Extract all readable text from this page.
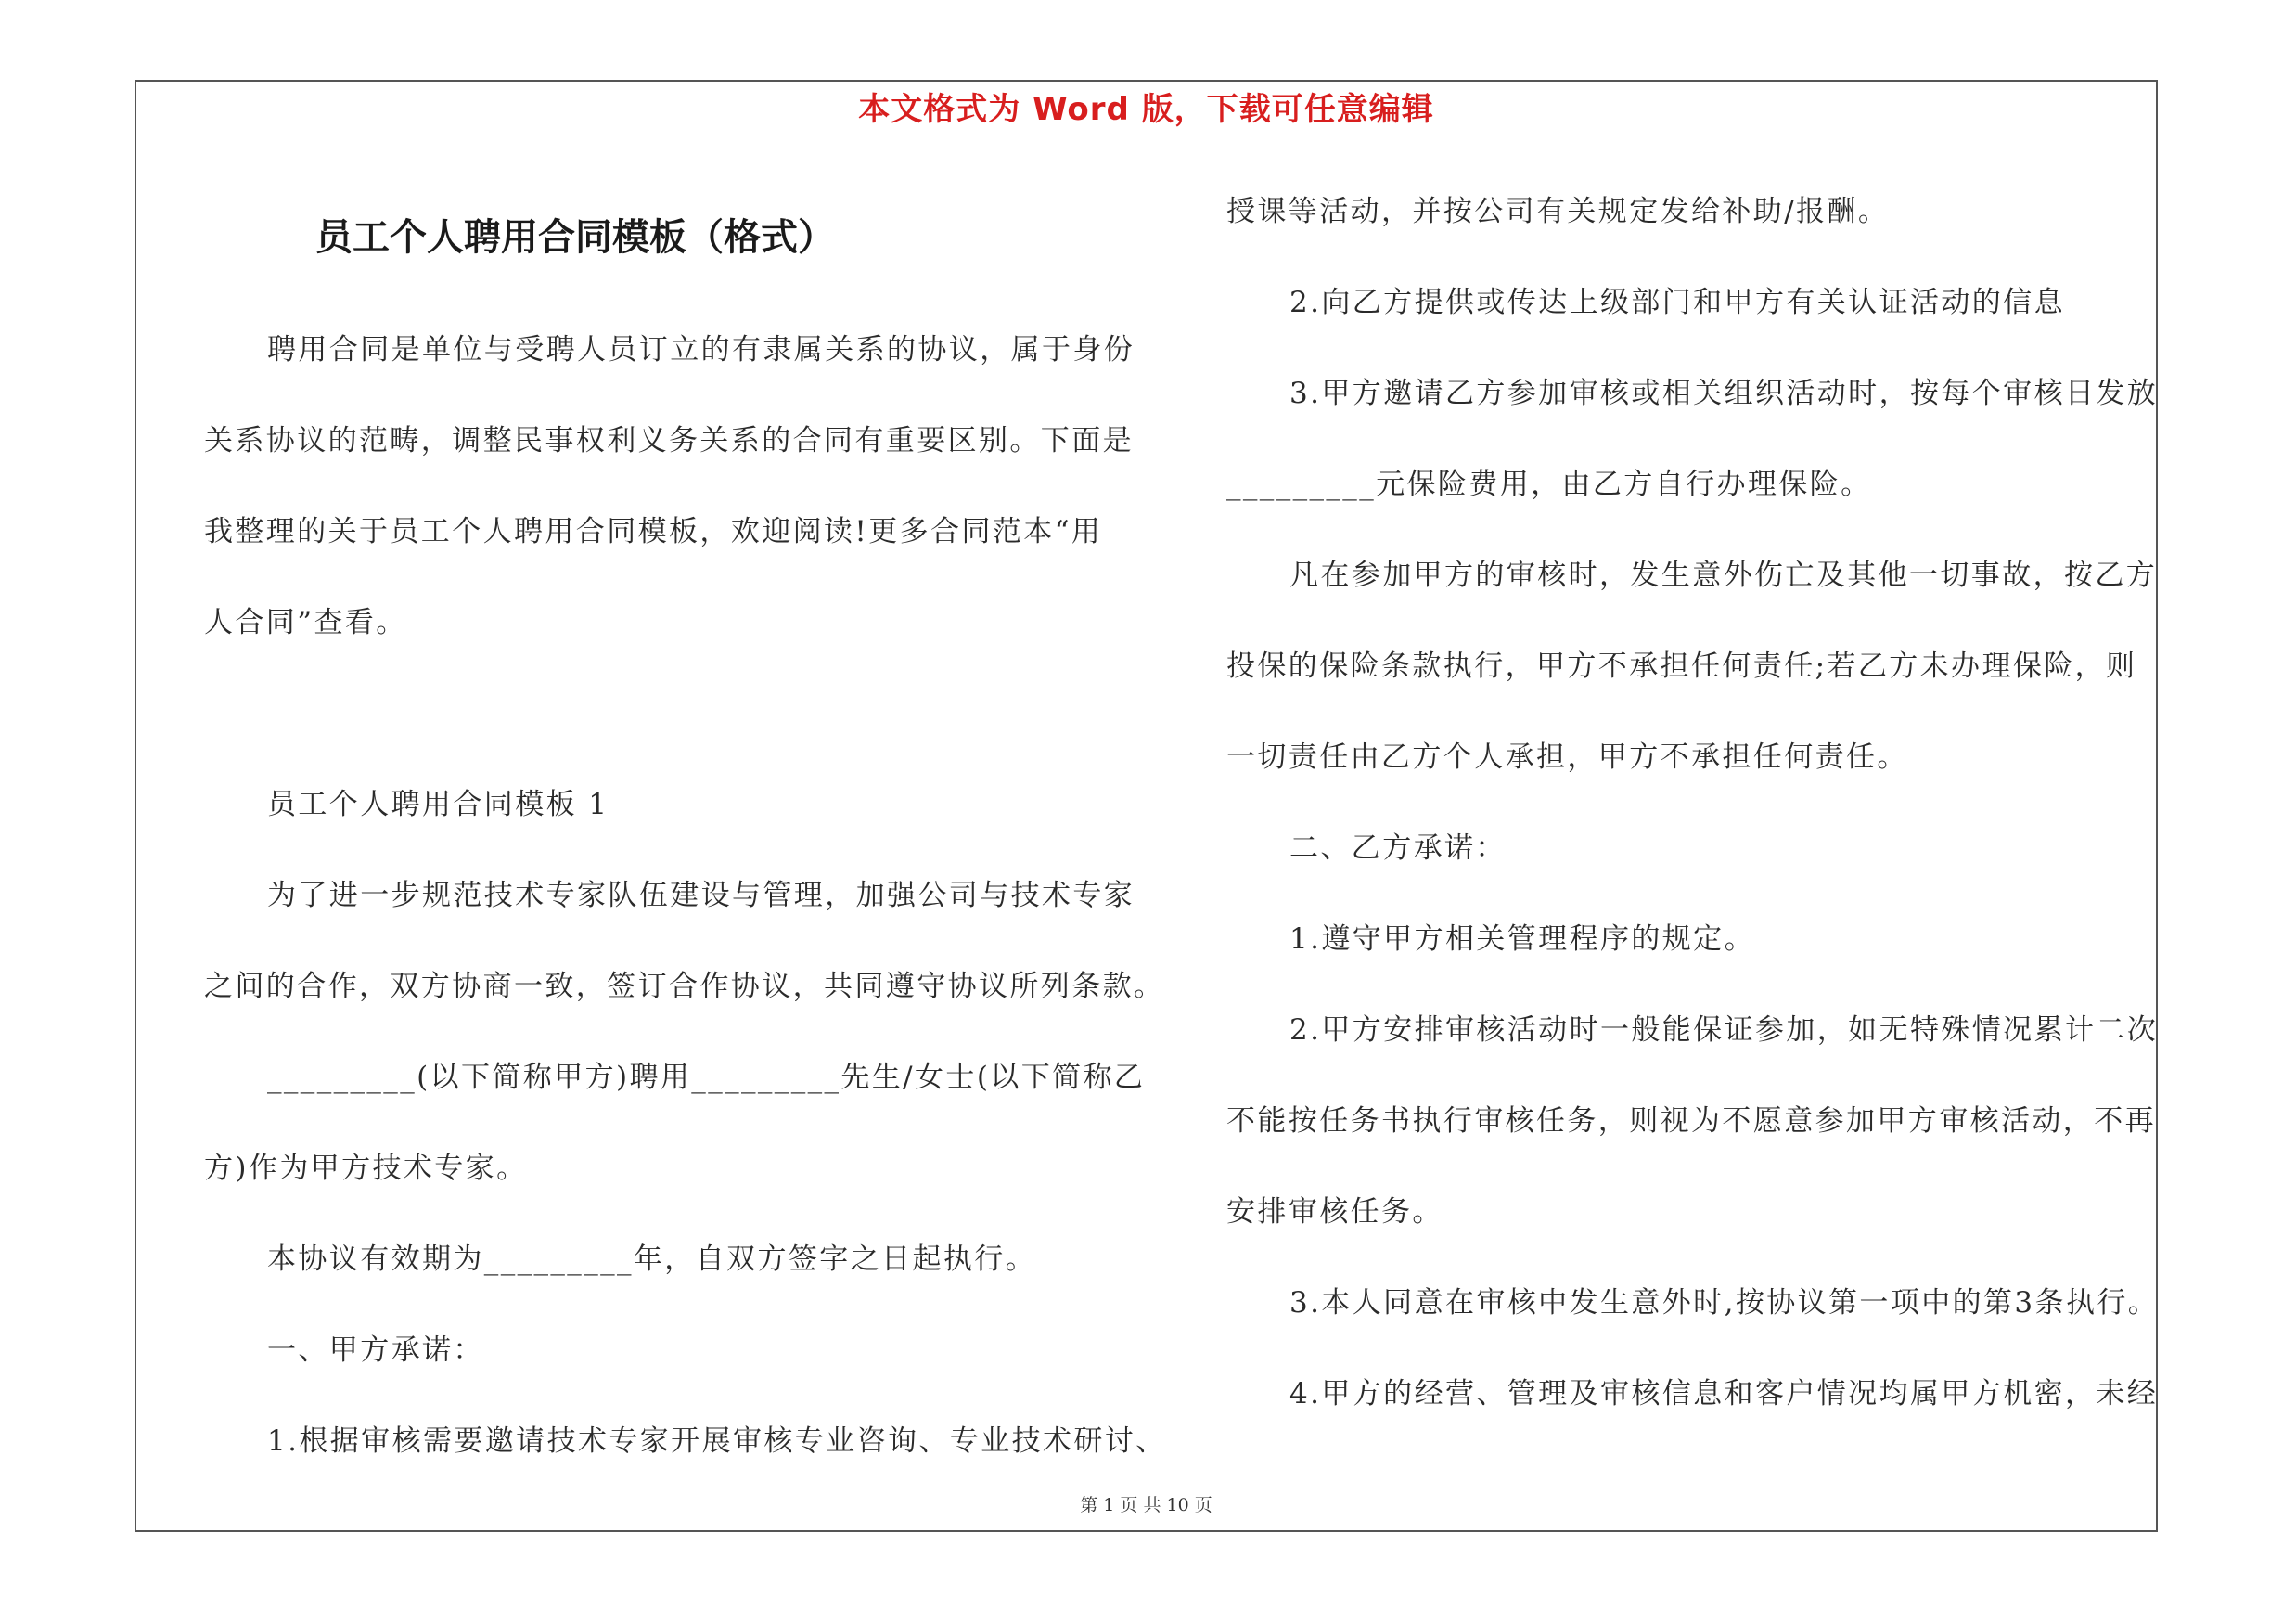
本文格式为 Word 版，下载可任意编辑
员工个人聘用合同模板（格式）
聘用合同是单位与受聘人员订立的有隶属关系的协议，属于身份
关系协议的范畴，调整民事权利义务关系的合同有重要区别。下面是
我整理的关于员工个人聘用合同模板，欢迎阅读!更多合同范本“用
人合同”查看。
员工个人聘用合同模板 1
为了进一步规范技术专家队伍建设与管理，加强公司与技术专家
之间的合作，双方协商一致，签订合作协议，共同遵守协议所列条款。
_________(以下简称甲方)聘用_________先生/女士(以下简称乙
方)作为甲方技术专家。
本协议有效期为_________年，自双方签字之日起执行。
一、甲方承诺：
1.根据审核需要邀请技术专家开展审核专业咨询、专业技术研讨、
授课等活动，并按公司有关规定发给补助/报酬。
2.向乙方提供或传达上级部门和甲方有关认证活动的信息
3.甲方邀请乙方参加审核或相关组织活动时，按每个审核日发放
_________元保险费用，由乙方自行办理保险。
凡在参加甲方的审核时，发生意外伤亡及其他一切事故，按乙方
投保的保险条款执行，甲方不承担任何责任;若乙方未办理保险，则
一切责任由乙方个人承担，甲方不承担任何责任。
二、乙方承诺：
1.遵守甲方相关管理程序的规定。
2.甲方安排审核活动时一般能保证参加，如无特殊情况累计二次
不能按任务书执行审核任务，则视为不愿意参加甲方审核活动，不再
安排审核任务。
3.本人同意在审核中发生意外时,按协议第一项中的第3条执行。
4.甲方的经营、管理及审核信息和客户情况均属甲方机密，未经
第 1 页 共 10 页
